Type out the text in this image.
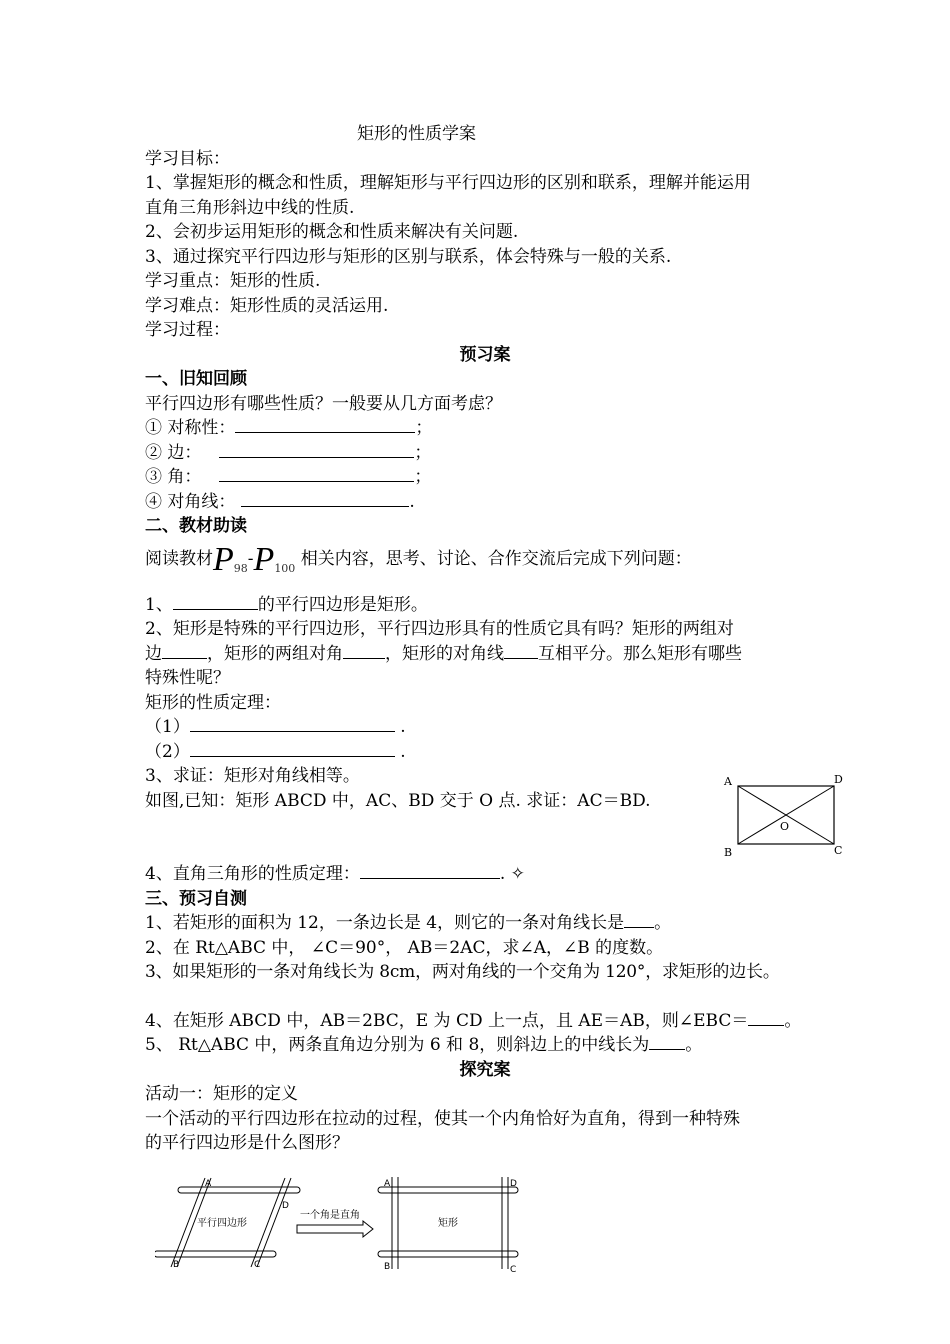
矩形的性质学案
学习目标：
1、掌握矩形的概念和性质，理解矩形与平行四边形的区别和联系，理解并能运用
直角三角形斜边中线的性质.
2、会初步运用矩形的概念和性质来解决有关问题.
3、通过探究平行四边形与矩形的区别与联系，体会特殊与一般的关系.
学习重点：矩形的性质.
学习难点：矩形性质的灵活运用.
学习过程：
预习案
一、旧知回顾
平行四边形有哪些性质？一般要从几方面考虑？
① 对称性：	；
② 边：	；
③ 角：	；
④ 对角线：	.
二、教材助读
阅读教材$P_{98}-P_{100}$ 相关内容，思考、讨论、合作交流后完成下列问题：
1、	的平行四边形是矩形。
2、矩形是特殊的平行四边形，平行四边形具有的性质它具有吗？矩形的两组对
边	，矩形的两组对角 ，矩形的对角线 互相平分。那么矩形有哪些
特殊性呢？
矩形的性质定理：
（1）	.
（2）	.
3、求证：矩形对角线相等。
如图,已知：矩形 ABCD 中，AC、BD 交于 O 点. 求证：AC＝BD.
4、直角三角形的性质定理：	. ✧
三、预习自测
1、若矩形的面积为 12，一条边长是 4，则它的一条对角线长是 。
2、在 Rt△ABC 中， ∠C＝90°， AB＝2AC，求∠A，∠B 的度数。
3、如果矩形的一条对角线长为 8cm，两对角线的一个交角为 120°，求矩形的边长。
4、在矩形 ABCD 中，AB＝2BC，E 为 CD 上一点，且 AE＝AB，则∠EBC＝ 。
5、 Rt△ABC 中，两条直角边分别为 6 和 8，则斜边上的中线长为 。
探究案
活动一：矩形的定义
一个活动的平行四边形在拉动的过程，使其一个内角恰好为直角，得到一种特殊
的平行四边形是什么图形？
A	D
B	C
O
A
D
B	C
平行四边形
一个角是直角
A	D
B	C
矩形
